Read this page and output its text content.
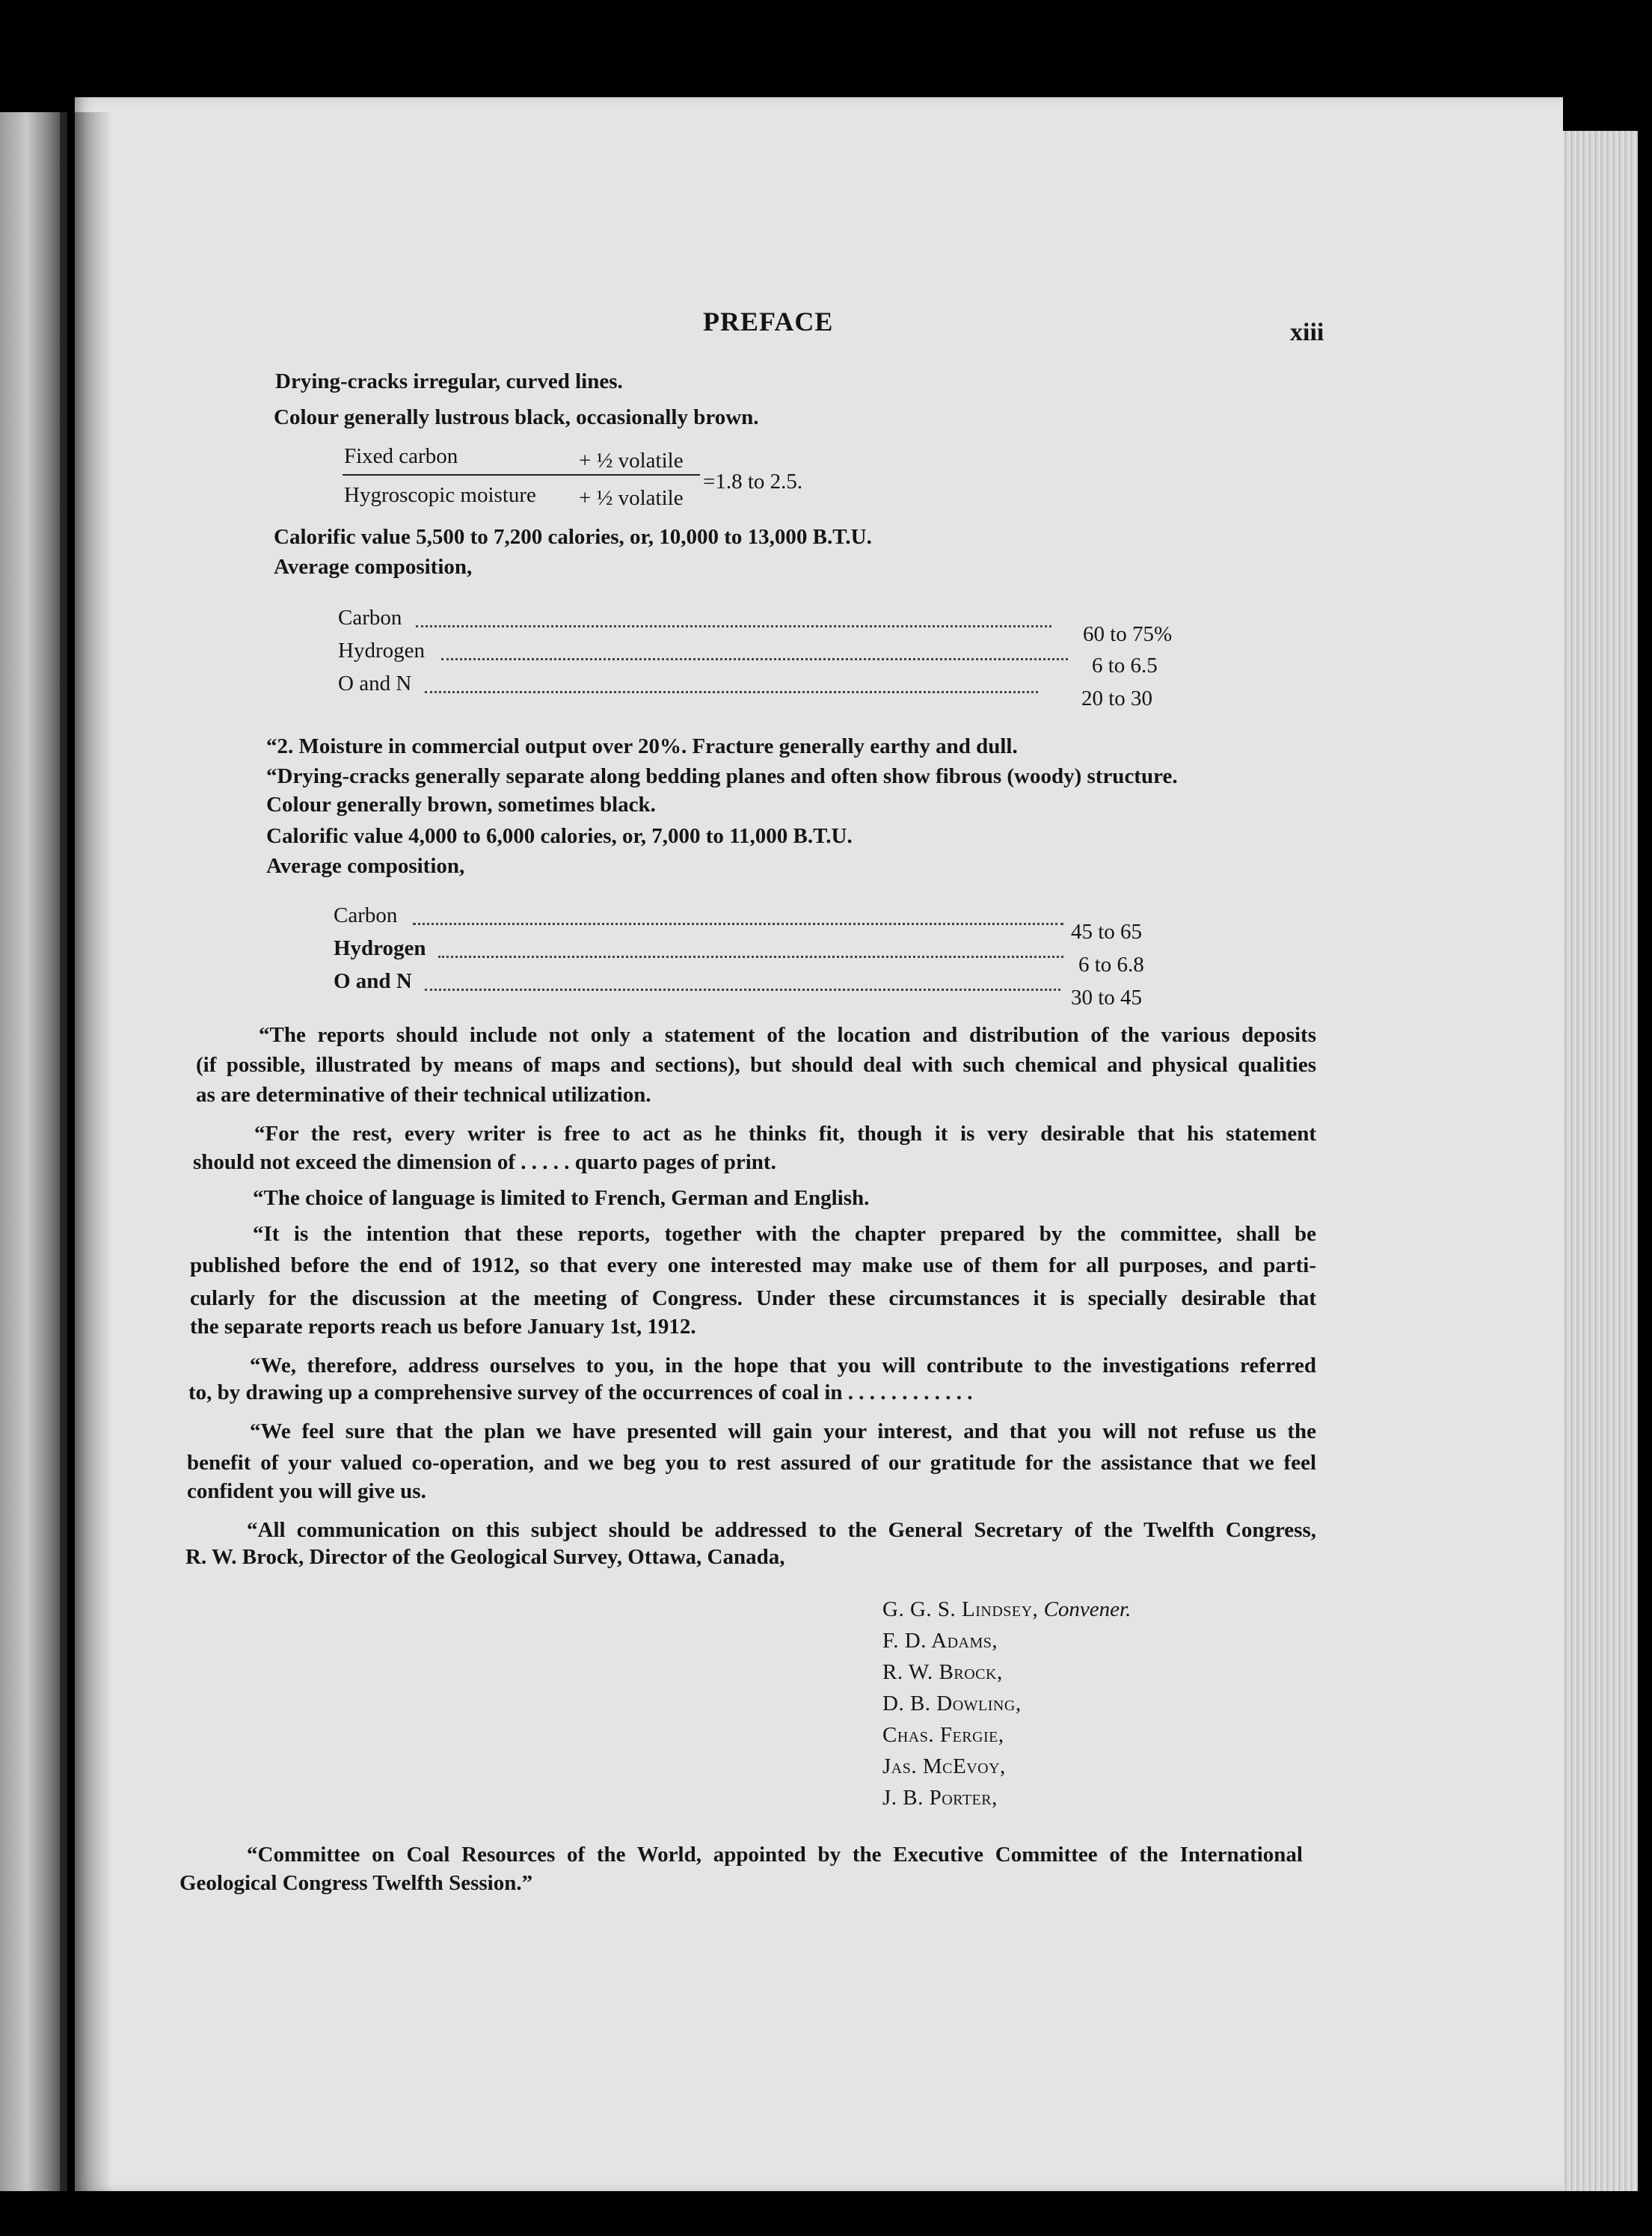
PREFACE	xiii
Drying-cracks irregular, curved lines.
Colour generally lustrous black, occasionally brown.
Fixed carbon	+ ½ volatile
Hygroscopic moisture + ½ volatile
=1.8 to 2.5.
Calorific value 5,500 to 7,200 calories, or, 10,000 to 13,000 B.T.U.
Average composition,
Carbon
60 to 75%
Hydrogen
6 to 6.5
O and N
20 to 30
“2. Moisture in commercial output over 20%. Fracture generally earthy and dull.
“Drying-cracks generally separate along bedding planes and often show fibrous (woody) structure.
Colour generally brown, sometimes black.
Calorific value 4,000 to 6,000 calories, or, 7,000 to 11,000 B.T.U.
Average composition,
Carbon
45 to 65
Hydrogen
6 to 6.8
O and N
30 to 45
“The reports should include not only a statement of the location and distribution of the various deposits
(if possible, illustrated by means of maps and sections), but should deal with such chemical and physical qualities
as are determinative of their technical utilization.
“For the rest, every writer is free to act as he thinks fit, though it is very desirable that his statement
should not exceed the dimension of . . . . . quarto pages of print.
“The choice of language is limited to French, German and English.
“It is the intention that these reports, together with the chapter prepared by the committee, shall be
published before the end of 1912, so that every one interested may make use of them for all purposes, and parti-
cularly for the discussion at the meeting of Congress. Under these circumstances it is specially desirable that
the separate reports reach us before January 1st, 1912.
“We, therefore, address ourselves to you, in the hope that you will contribute to the investigations referred
to, by drawing up a comprehensive survey of the occurrences of coal in . . . . . . . . . . . .
“We feel sure that the plan we have presented will gain your interest, and that you will not refuse us the
benefit of your valued co-operation, and we beg you to rest assured of our gratitude for the assistance that we feel
confident you will give us.
“All communication on this subject should be addressed to the General Secretary of the Twelfth Congress,
R. W. Brock, Director of the Geological Survey, Ottawa, Canada,
G. G. S. Lindsey, Convener.
F. D. Adams,
R. W. Brock,
D. B. Dowling,
Chas. Fergie,
Jas. McEvoy,
J. B. Porter,
“Committee on Coal Resources of the World, appointed by the Executive Committee of the International
Geological Congress Twelfth Session.”
